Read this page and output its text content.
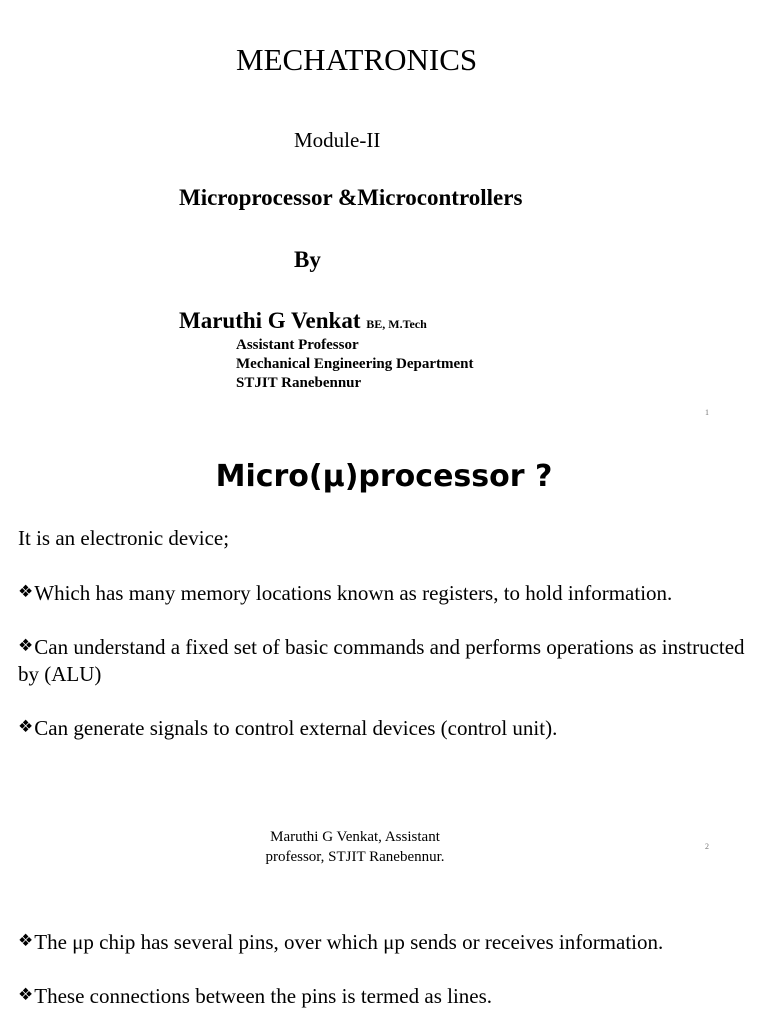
MECHATRONICS
Module-II
Microprocessor &Microcontrollers
By
Maruthi G Venkat BE, M.Tech
Assistant Professor
Mechanical Engineering Department
STJIT Ranebennur
1
Micro(μ)processor ?
It is an electronic device;
❖Which has many memory locations known as registers, to hold information.
❖Can understand a fixed set of basic commands and performs operations as instructed by (ALU)
❖Can generate signals to control external devices (control unit).
Maruthi G Venkat, Assistant professor, STJIT Ranebennur.
2
❖The μp chip has several pins, over which μp sends or receives information.
❖These connections between the pins is termed as lines.
